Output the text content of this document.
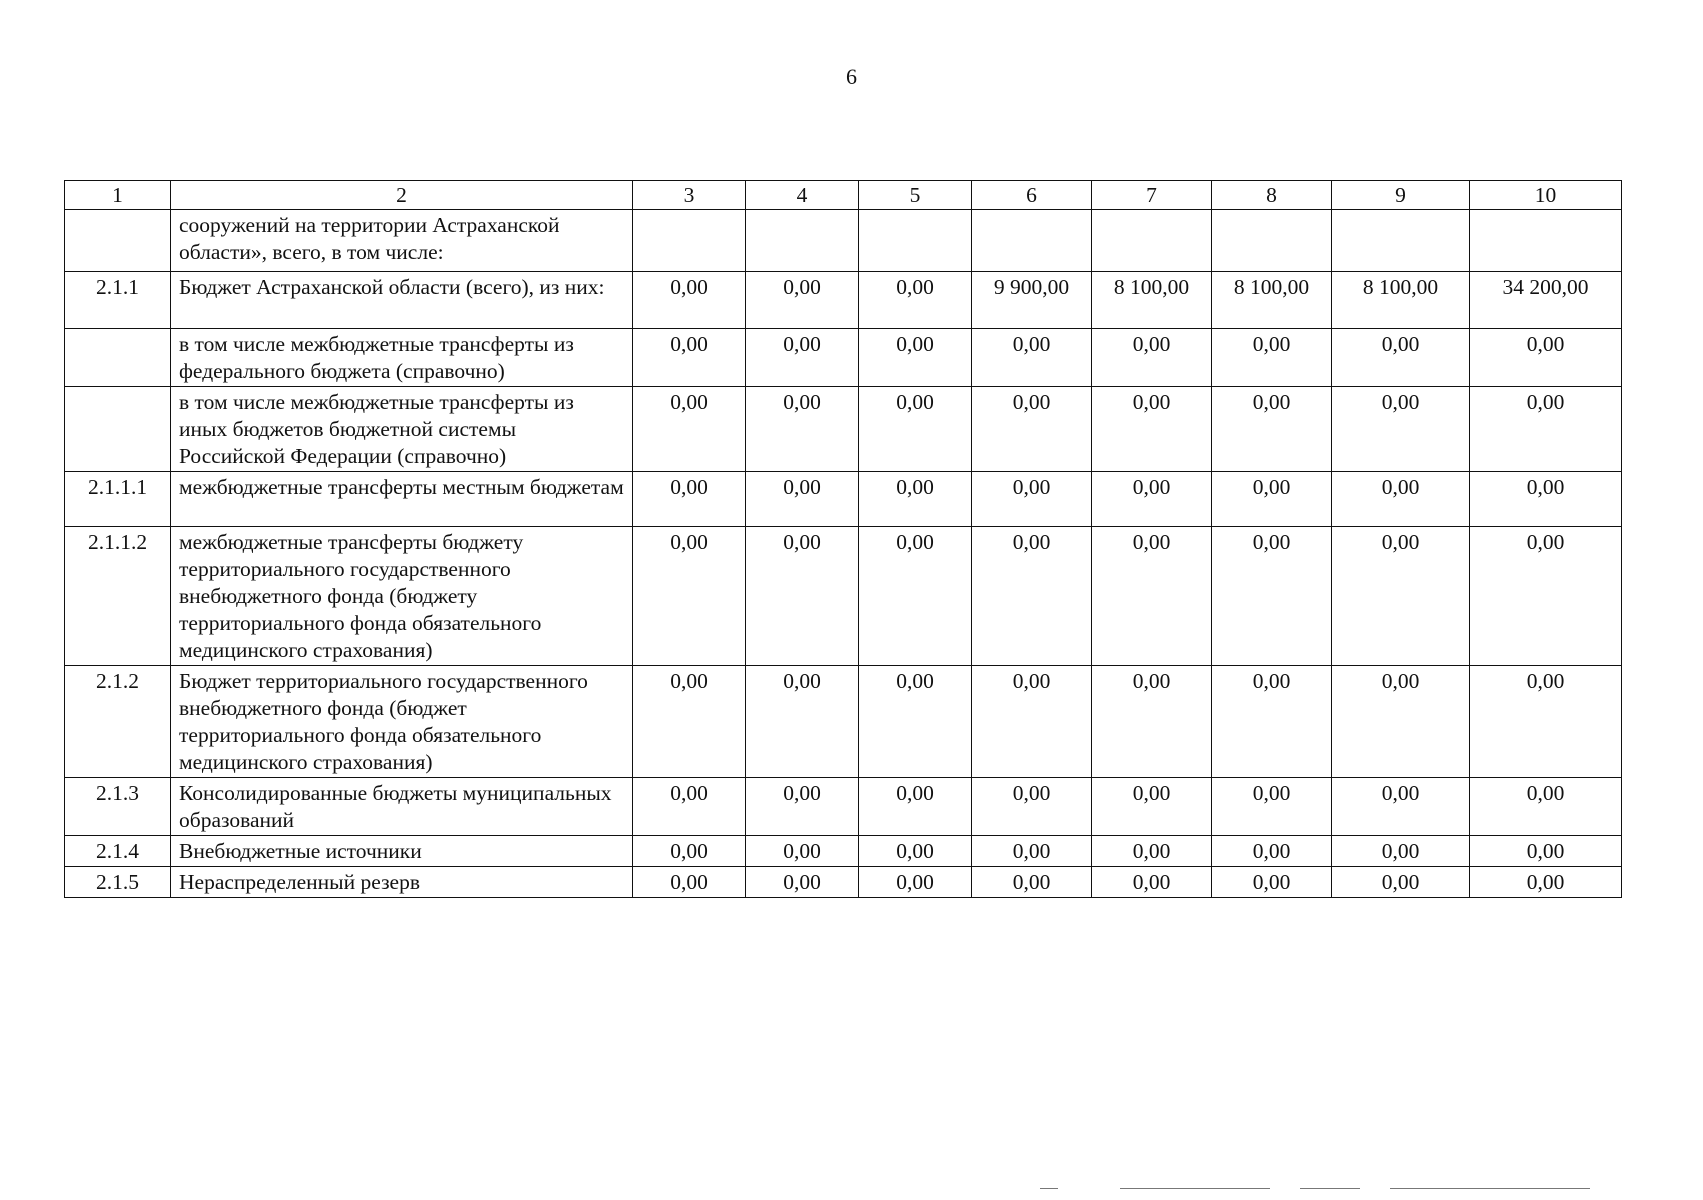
6
1	2	3	4	5	6	7	8	9	10
	сооружений на территории Астраханской области», всего, в том числе:								
2.1.1	Бюджет Астраханской области (всего), из них:	0,00	0,00	0,00	9 900,00	8 100,00	8 100,00	8 100,00	34 200,00
	в том числе межбюджетные трансферты из федерального бюджета (справочно)	0,00	0,00	0,00	0,00	0,00	0,00	0,00	0,00
	в том числе межбюджетные трансферты из иных бюджетов бюджетной системы Российской Федерации (справочно)	0,00	0,00	0,00	0,00	0,00	0,00	0,00	0,00
2.1.1.1	межбюджетные трансферты местным бюджетам	0,00	0,00	0,00	0,00	0,00	0,00	0,00	0,00
2.1.1.2	межбюджетные трансферты бюджету территориального государственного внебюджетного фонда (бюджету территориального фонда обязательного медицинского страхования)	0,00	0,00	0,00	0,00	0,00	0,00	0,00	0,00
2.1.2	Бюджет территориального государственного внебюджетного фонда (бюджет территориального фонда обязательного медицинского страхования)	0,00	0,00	0,00	0,00	0,00	0,00	0,00	0,00
2.1.3	Консолидированные бюджеты муниципальных образований	0,00	0,00	0,00	0,00	0,00	0,00	0,00	0,00
2.1.4	Внебюджетные источники	0,00	0,00	0,00	0,00	0,00	0,00	0,00	0,00
2.1.5	Нераспределенный резерв	0,00	0,00	0,00	0,00	0,00	0,00	0,00	0,00
